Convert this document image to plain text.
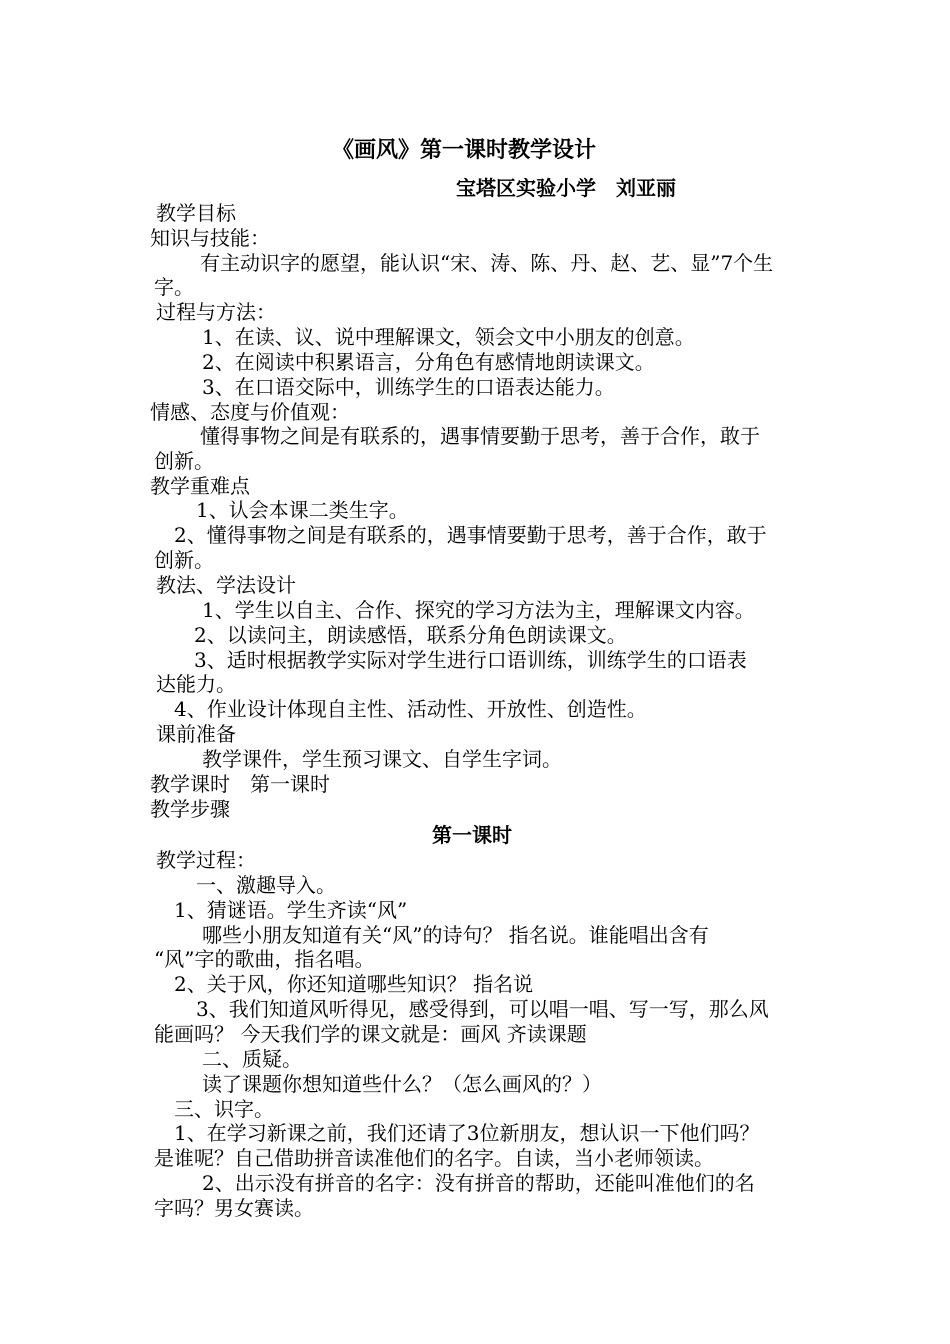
《画风》第一课时教学设计
宝塔区实验小学　刘亚丽
教学目标
知识与技能：
有主动识字的愿望，能认识“宋、涛、陈、丹、赵、艺、显”7个生
字。
过程与方法：
1、在读、议、说中理解课文，领会文中小朋友的创意。
2、在阅读中积累语言，分角色有感情地朗读课文。
3、在口语交际中，训练学生的口语表达能力。
情感、态度与价值观：
懂得事物之间是有联系的，遇事情要勤于思考，善于合作，敢于
创新。
教学重难点
1、认会本课二类生字。
2、懂得事物之间是有联系的，遇事情要勤于思考，善于合作，敢于
创新。
教法、学法设计
1、学生以自主、合作、探究的学习方法为主，理解课文内容。
2、以读问主，朗读感悟，联系分角色朗读课文。
3、适时根据教学实际对学生进行口语训练，训练学生的口语表
达能力。
4、作业设计体现自主性、活动性、开放性、创造性。
课前准备
教学课件，学生预习课文、自学生字词。
教学课时　第一课时
教学步骤
第一课时
教学过程：
一、激趣导入。
1、猜谜语。学生齐读“风”
哪些小朋友知道有关“风”的诗句？ 指名说。谁能唱出含有
“风”字的歌曲，指名唱。
2、关于风，你还知道哪些知识？ 指名说
3、我们知道风听得见，感受得到，可以唱一唱、写一写，那么风
能画吗？ 今天我们学的课文就是：画风 齐读课题
二、质疑。
读了课题你想知道些什么？（怎么画风的？）
三、识字。
1、在学习新课之前，我们还请了3位新朋友，想认识一下他们吗？
是谁呢？自己借助拼音读准他们的名字。自读，当小老师领读。
2、出示没有拼音的名字：没有拼音的帮助，还能叫准他们的名
字吗？男女赛读。
